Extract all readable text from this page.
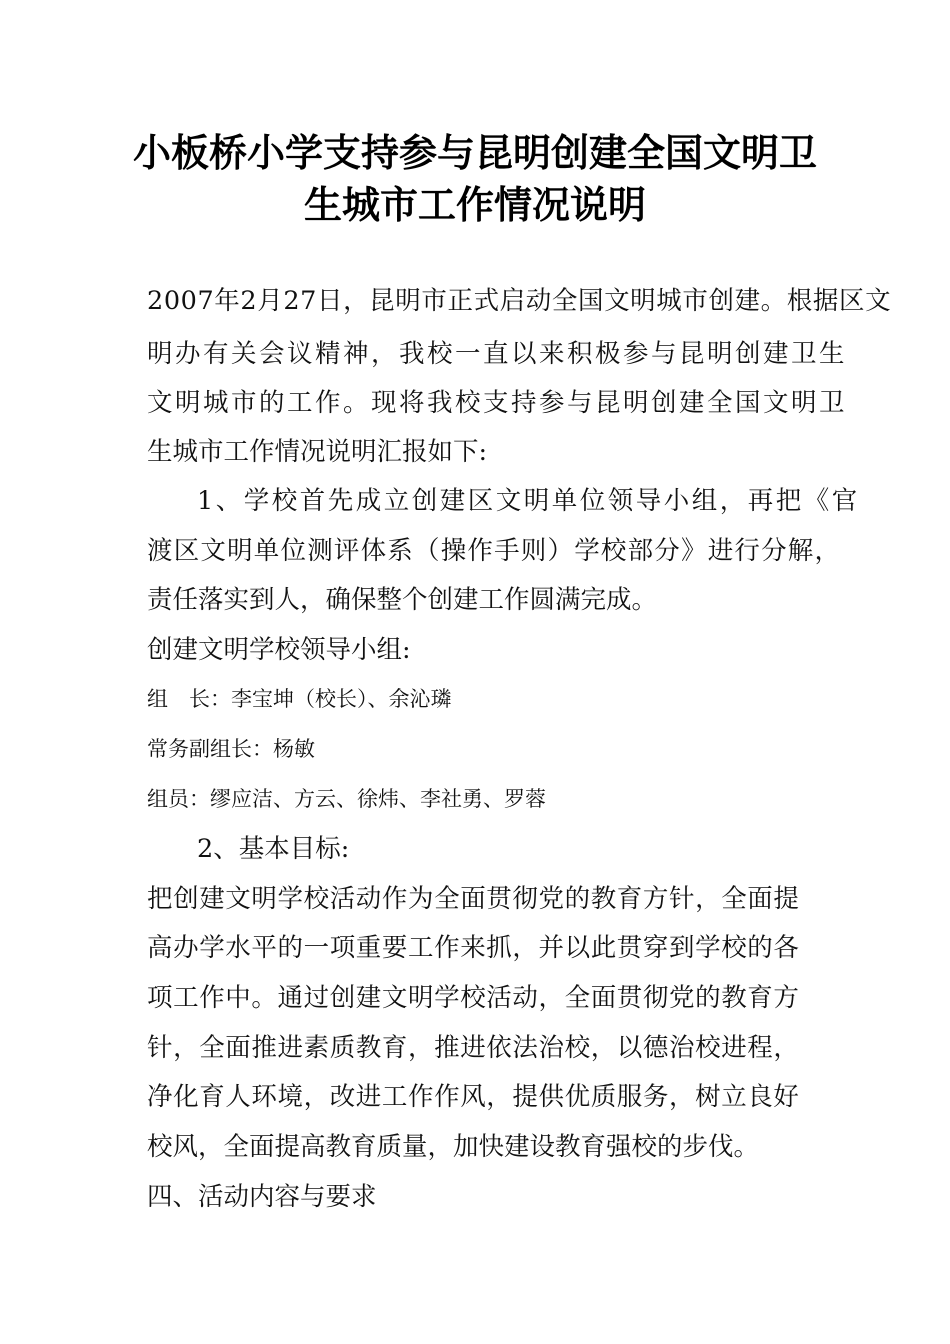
小板桥小学支持参与昆明创建全国文明卫
生城市工作情况说明
2007年2月27日，昆明市正式启动全国文明城市创建。根据区文
明办有关会议精神，我校一直以来积极参与昆明创建卫生
文明城市的工作。现将我校支持参与昆明创建全国文明卫
生城市工作情况说明汇报如下:
1、学校首先成立创建区文明单位领导小组，再把《官
渡区文明单位测评体系（操作手则）学校部分》进行分解，
责任落实到人，确保整个创建工作圆满完成。
创建文明学校领导小组:
组　长：李宝坤（校长）、余沁璘
常务副组长：杨敏
组员：缪应洁、方云、徐炜、李社勇、罗蓉
2、基本目标:
把创建文明学校活动作为全面贯彻党的教育方针，全面提
高办学水平的一项重要工作来抓，并以此贯穿到学校的各
项工作中。通过创建文明学校活动，全面贯彻党的教育方
针，全面推进素质教育，推进依法治校，以德治校进程，
净化育人环境，改进工作作风，提供优质服务，树立良好
校风，全面提高教育质量，加快建设教育强校的步伐。
四、活动内容与要求
